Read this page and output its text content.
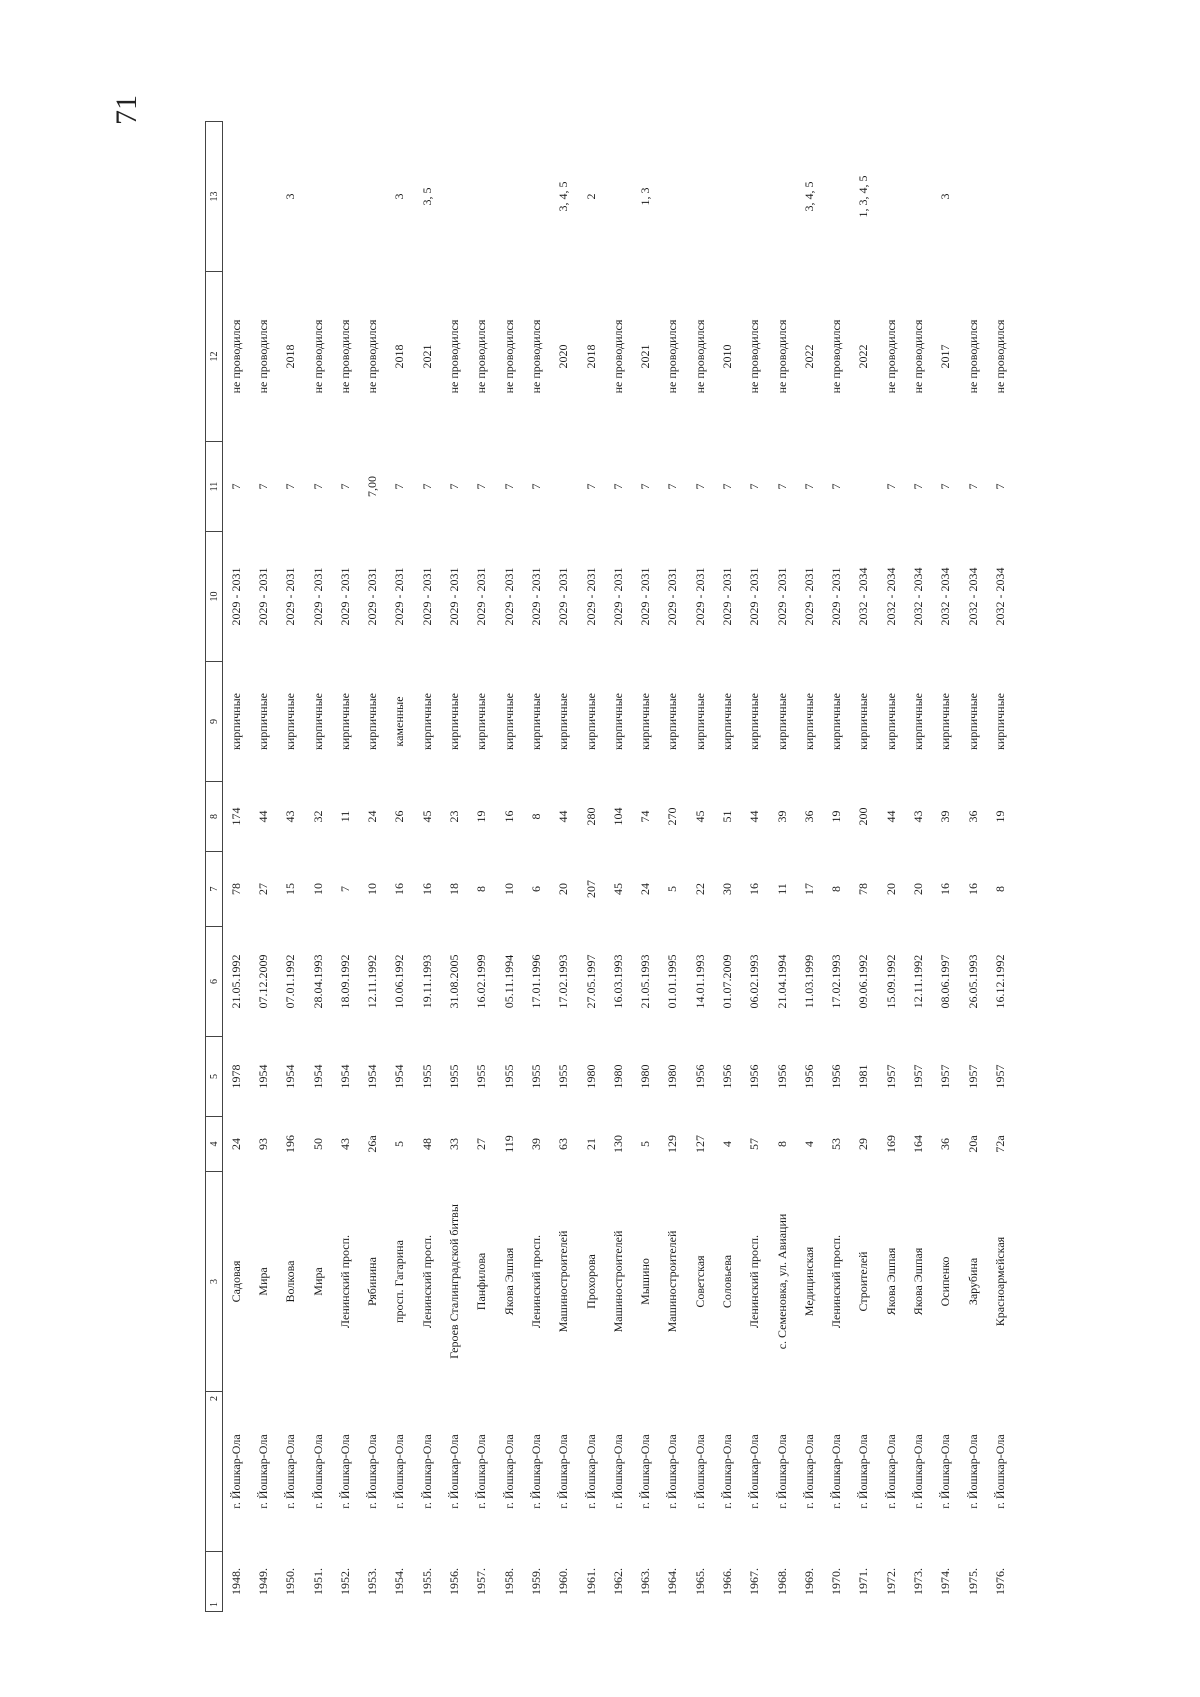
71
1	2	3	4	5	6	7	8	9	10	11	12	13
1948.	г. Йошкар-Ола	Садовая	24	1978	21.05.1992	78	174	кирпичные	2029 - 2031	7	не проводился	
1949.	г. Йошкар-Ола	Мира	93	1954	07.12.2009	27	44	кирпичные	2029 - 2031	7	не проводился	
1950.	г. Йошкар-Ола	Волкова	196	1954	07.01.1992	15	43	кирпичные	2029 - 2031	7	2018	3
1951.	г. Йошкар-Ола	Мира	50	1954	28.04.1993	10	32	кирпичные	2029 - 2031	7	не проводился	
1952.	г. Йошкар-Ола	Ленинский просп.	43	1954	18.09.1992	7	11	кирпичные	2029 - 2031	7	не проводился	
1953.	г. Йошкар-Ола	Рябинина	26а	1954	12.11.1992	10	24	кирпичные	2029 - 2031	7,00	не проводился	
1954.	г. Йошкар-Ола	просп. Гагарина	5	1954	10.06.1992	16	26	каменные	2029 - 2031	7	2018	3
1955.	г. Йошкар-Ола	Ленинский просп.	48	1955	19.11.1993	16	45	кирпичные	2029 - 2031	7	2021	3, 5
1956.	г. Йошкар-Ола	Героев Сталинградской битвы	33	1955	31.08.2005	18	23	кирпичные	2029 - 2031	7	не проводился	
1957.	г. Йошкар-Ола	Панфилова	27	1955	16.02.1999	8	19	кирпичные	2029 - 2031	7	не проводился	
1958.	г. Йошкар-Ола	Якова Эшпая	119	1955	05.11.1994	10	16	кирпичные	2029 - 2031	7	не проводился	
1959.	г. Йошкар-Ола	Ленинский просп.	39	1955	17.01.1996	6	8	кирпичные	2029 - 2031	7	не проводился	
1960.	г. Йошкар-Ола	Машиностроителей	63	1955	17.02.1993	20	44	кирпичные	2029 - 2031		2020	3, 4, 5
1961.	г. Йошкар-Ола	Прохорова	21	1980	27.05.1997	207	280	кирпичные	2029 - 2031	7	2018	2
1962.	г. Йошкар-Ола	Машиностроителей	130	1980	16.03.1993	45	104	кирпичные	2029 - 2031	7	не проводился	
1963.	г. Йошкар-Ола	Мышино	5	1980	21.05.1993	24	74	кирпичные	2029 - 2031	7	2021	1, 3
1964.	г. Йошкар-Ола	Машиностроителей	129	1980	01.01.1995	5	270	кирпичные	2029 - 2031	7	не проводился	
1965.	г. Йошкар-Ола	Советская	127	1956	14.01.1993	22	45	кирпичные	2029 - 2031	7	не проводился	
1966.	г. Йошкар-Ола	Соловьева	4	1956	01.07.2009	30	51	кирпичные	2029 - 2031	7	2010	
1967.	г. Йошкар-Ола	Ленинский просп.	57	1956	06.02.1993	16	44	кирпичные	2029 - 2031	7	не проводился	
1968.	г. Йошкар-Ола	с. Семеновка, ул. Авиации	8	1956	21.04.1994	11	39	кирпичные	2029 - 2031	7	не проводился	
1969.	г. Йошкар-Ола	Медицинская	4	1956	11.03.1999	17	36	кирпичные	2029 - 2031	7	2022	3, 4, 5
1970.	г. Йошкар-Ола	Ленинский просп.	53	1956	17.02.1993	8	19	кирпичные	2029 - 2031	7	не проводился	
1971.	г. Йошкар-Ола	Строителей	29	1981	09.06.1992	78	200	кирпичные	2032 - 2034		2022	1, 3, 4, 5
1972.	г. Йошкар-Ола	Якова Эшпая	169	1957	15.09.1992	20	44	кирпичные	2032 - 2034	7	не проводился	
1973.	г. Йошкар-Ола	Якова Эшпая	164	1957	12.11.1992	20	43	кирпичные	2032 - 2034	7	не проводился	
1974.	г. Йошкар-Ола	Осипенко	36	1957	08.06.1997	16	39	кирпичные	2032 - 2034	7	2017	3
1975.	г. Йошкар-Ола	Зарубина	20а	1957	26.05.1993	16	36	кирпичные	2032 - 2034	7	не проводился	
1976.	г. Йошкар-Ола	Красноармейская	72а	1957	16.12.1992	8	19	кирпичные	2032 - 2034	7	не проводился	
